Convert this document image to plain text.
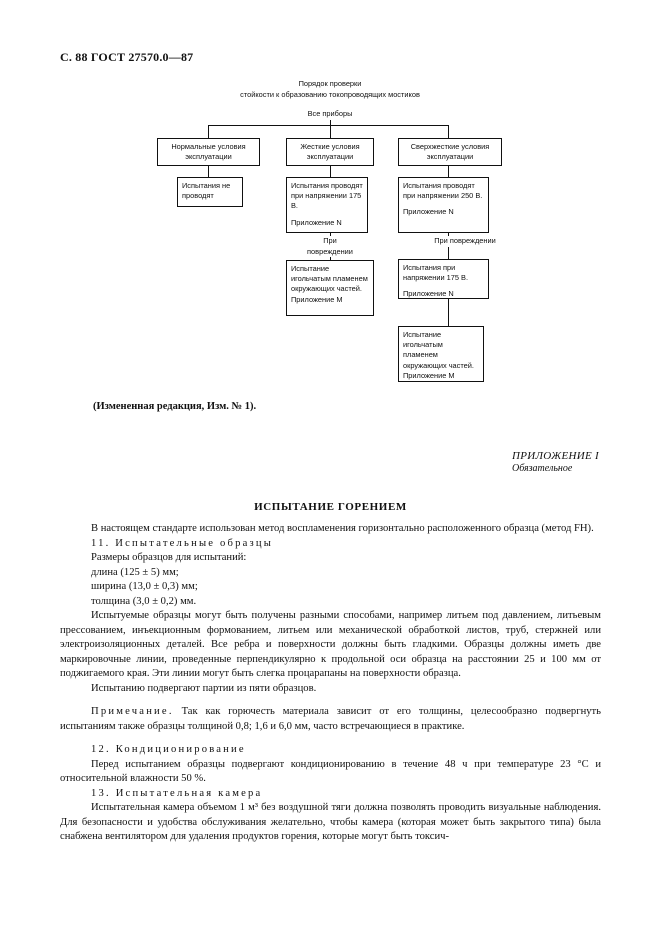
С. 88 ГОСТ 27570.0—87
Порядок проверки
стойкости к образованию токопроводящих мостиков
Все приборы

Нормальные условия эксплуатации

Испытания не проводят

Жесткие условия эксплуатации

Испытания проводят при напряжении 175 В.

Приложение N

При повреждении

Испытание игольчатым пламенем окружающих частей.

Приложение М

Сверхжесткие условия эксплуатации

Испытания проводят при напряжении 250 В.

Приложение N

При повреждении

Испытания при напряжении 175 В.

Приложение N

Испытание игольчатым пламенем окружающих частей.

Приложение М

(Измененная редакция, Изм. № 1).
ПРИЛОЖЕНИЕ I
Обязательное
ИСПЫТАНИЕ ГОРЕНИЕМ

В настоящем стандарте использован метод воспламенения горизонтально расположенного образца (метод FH).

11. Испытательные образцы

Размеры образцов для испытаний:

длина (125 ± 5) мм;

ширина (13,0 ± 0,3) мм;

толщина (3,0 ± 0,2) мм.

Испытуемые образцы могут быть получены разными способами, например литьем под давлением, литьевым прессованием, инъекционным формованием, литьем или механической обработкой листов, труб, стержней или электроизоляционных деталей. Все ребра и поверхности должны быть гладкими. Образцы должны иметь две маркировочные линии, проведенные перпендикулярно к продольной оси образца на расстоянии 25 и 100 мм от поджигаемого края. Эти линии могут быть слегка процарапаны на поверхности образца.

Испытанию подвергают партии из пяти образцов.

Примечание. Так как горючесть материала зависит от его толщины, целесообразно подвергнуть испытаниям также образцы толщиной 0,8; 1,6 и 6,0 мм, часто встречающиеся в практике.

12. Кондиционирование

Перед испытанием образцы подвергают кондиционированию в течение 48 ч при температуре 23 °С и относительной влажности 50 %.

13. Испытательная камера

Испытательная камера объемом 1 м³ без воздушной тяги должна позволять проводить визуальные наблюдения. Для безопасности и удобства обслуживания желательно, чтобы камера (которая может быть закрытого типа) была снабжена вентилятором для удаления продуктов горения, которые могут быть токсич-
